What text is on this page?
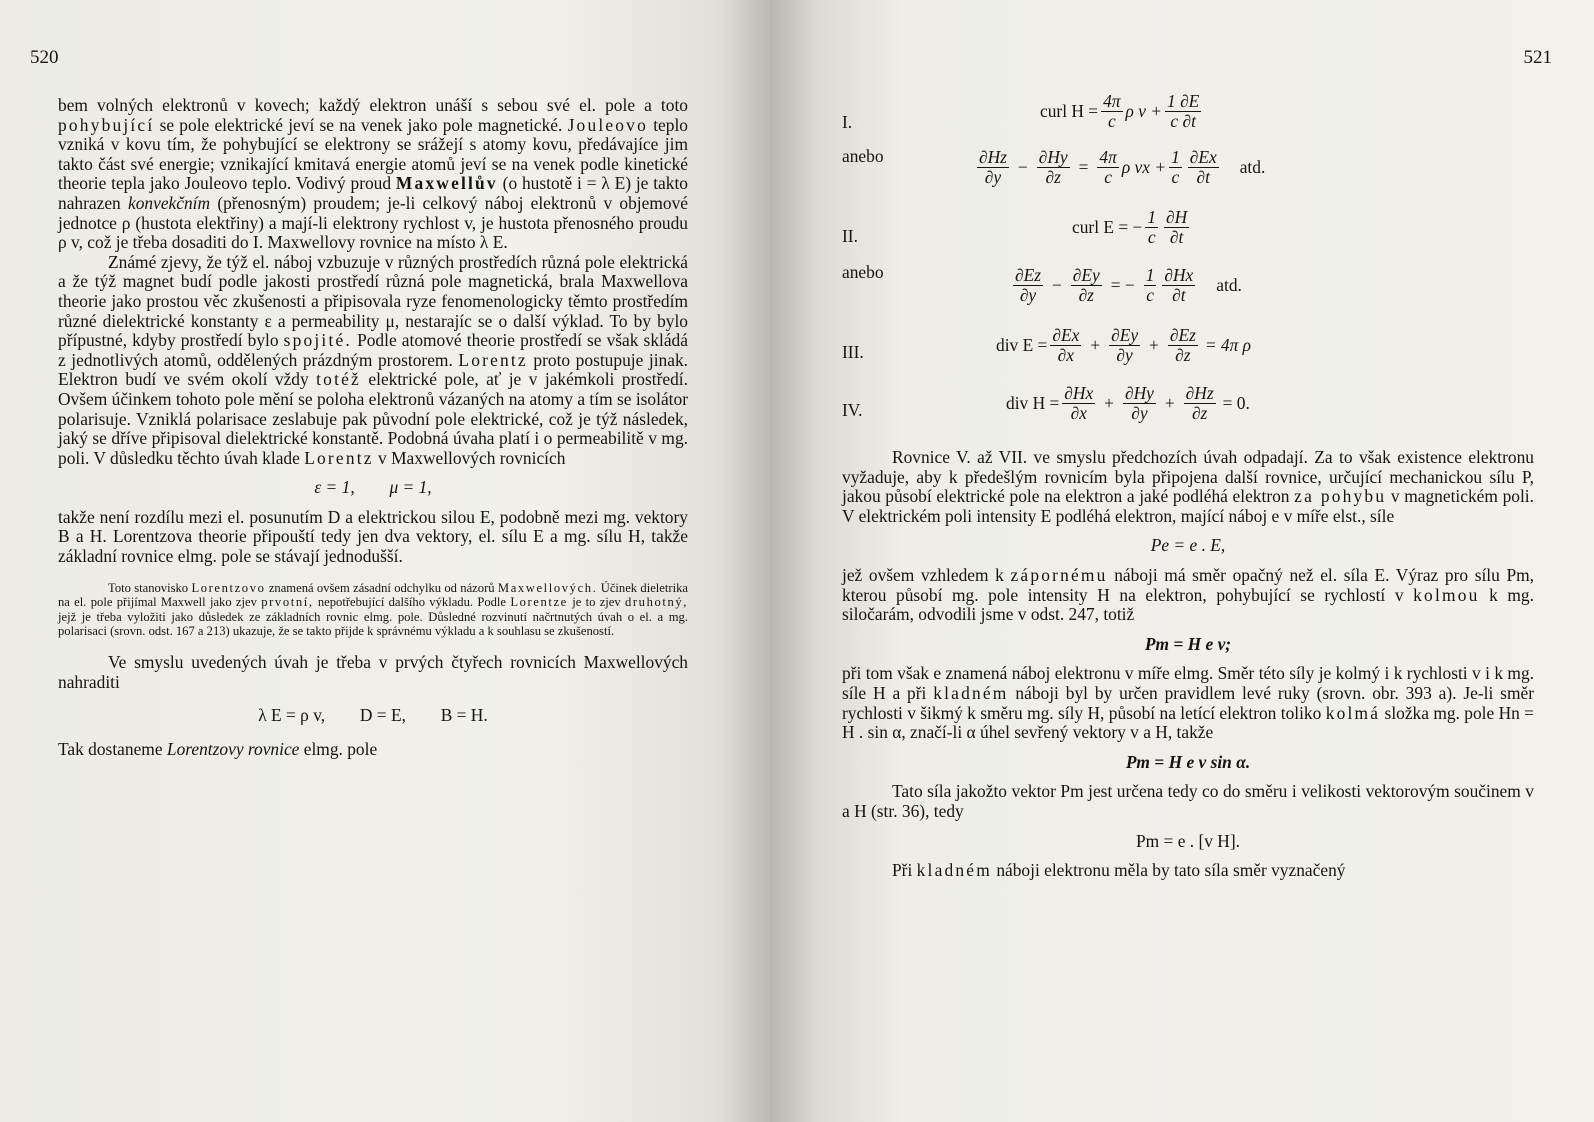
520

bem volných elektronů v kovech; každý elektron unáší s sebou své el. pole a toto pohybující se pole elektrické jeví se na venek jako pole magnetické. Jouleovo teplo vzniká v kovu tím, že pohybující se elektrony se srážejí s atomy kovu, předávajíce jim takto část své energie; vznikající kmitavá energie atomů jeví se na venek podle kinetické theorie tepla jako Jouleovo teplo. Vodivý proud Maxwellův (o hustotě i = λ E) je takto nahrazen konvekčním (přenosným) proudem; je-li celkový náboj elektronů v objemové jednotce ρ (hustota elektřiny) a mají-li elektrony rychlost v, je hustota přenosného proudu ρ v, což je třeba dosaditi do I. Maxwellovy rovnice na místo λ E.

Známé zjevy, že týž el. náboj vzbuzuje v různých prostředích různá pole elektrická a že týž magnet budí podle jakosti prostředí různá pole magnetická, brala Maxwellova theorie jako prostou věc zkušenosti a připisovala ryze fenomenologicky těmto prostředím různé dielektrické konstanty ε a permeability μ, nestarajíc se o další výklad. To by bylo přípustné, kdyby prostředí bylo spojité. Podle atomové theorie prostředí se však skládá z jednotlivých atomů, oddělených prázdným prostorem. Lorentz proto postupuje jinak. Elektron budí ve svém okolí vždy totéž elektrické pole, ať je v jakémkoli prostředí. Ovšem účinkem tohoto pole mění se poloha elektronů vázaných na atomy a tím se isolátor polarisuje. Vzniklá polarisace zeslabuje pak původní pole elektrické, což je týž následek, jaký se dříve připisoval dielektrické konstantě. Podobná úvaha platí i o permeabilitě v mg. poli. V důsledku těchto úvah klade Lorentz v Maxwellových rovnicích

ε = 1,        μ = 1,

takže není rozdílu mezi el. posunutím D a elektrickou silou E, podobně mezi mg. vektory B a H. Lorentzova theorie připouští tedy jen dva vektory, el. sílu E a mg. sílu H, takže základní rovnice elmg. pole se stávají jednodušší.

Toto stanovisko Lorentzovo znamená ovšem zásadní odchylku od názorů Maxwellových. Účinek dieletrika na el. pole přijímal Maxwell jako zjev prvotní, nepotřebující dalšího výkladu. Podle Lorentze je to zjev druhotný, jejž je třeba vyložiti jako důsledek ze základních rovnic elmg. pole. Důsledné rozvinutí načrtnutých úvah o el. a mg. polarisaci (srovn. odst. 167 a 213) ukazuje, že se takto přijde k správnému výkladu a k souhlasu se zkušeností.

Ve smyslu uvedených úvah je třeba v prvých čtyřech rovnicích Maxwellových nahraditi

λ E = ρ v,        D = E,        B = H.

Tak dostaneme Lorentzovy rovnice elmg. pole

521
I.
anebo
II.
anebo
III.
IV.
curl $H = \frac{4\pi}{c}$ ρ $v + \frac{1 \partial E}{c \partial t}$
$\frac{\partial Hz}{\partial y} - \frac{\partial Hy}{\partial z} = \frac{4\pi}{c}$ ρ vx + $\frac{1}{c} \frac{\partial Ex}{\partial t}$ atd.
curl E = − $\frac{1}{c} \frac{\partial H}{\partial t}$
$\frac{\partial Ez}{\partial y} - \frac{\partial Ey}{\partial z}$ = − $\frac{1}{c} \frac{\partial Hx}{\partial t}$ atd.
div $E = \frac{\partial Ex}{\partial x} + \frac{\partial Ey}{\partial y} + \frac{\partial Ez}{\partial z} = 4\pi$ ρ
div $H = \frac{\partial Hx}{\partial x} + \frac{\partial Hy}{\partial y} + \frac{\partial Hz}{\partial z} = 0$.

Rovnice V. až VII. ve smyslu předchozích úvah odpadají. Za to však existence elektronu vyžaduje, aby k předešlým rovnicím byla připojena další rovnice, určující mechanickou sílu P, jakou působí elektrické pole na elektron a jaké podléhá elektron za pohybu v magnetickém poli. V elektrickém poli intensity E podléhá elektron, mající náboj e v míře elst., síle

Pe = e . E,

jež ovšem vzhledem k zápornému náboji má směr opačný než el. síla E. Výraz pro sílu Pm, kterou působí mg. pole intensity H na elektron, pohybující se rychlostí v kolmou k mg. siločarám, odvodili jsme v odst. 247, totiž

Pm = H e v;

při tom však e znamená náboj elektronu v míře elmg. Směr této síly je kolmý i k rychlosti v i k mg. síle H a při kladném náboji byl by určen pravidlem levé ruky (srovn. obr. 393 a). Je-li směr rychlosti v šikmý k směru mg. síly H, působí na letící elektron toliko kolmá složka mg. pole Hn = H . sin α, značí-li α úhel sevřený vektory v a H, takže

Pm = H e v sin α.

Tato síla jakožto vektor Pm jest určena tedy co do směru i velikosti vektorovým součinem v a H (str. 36), tedy

Pm = e . [v H].

Při kladném náboji elektronu měla by tato síla směr vyznačený
